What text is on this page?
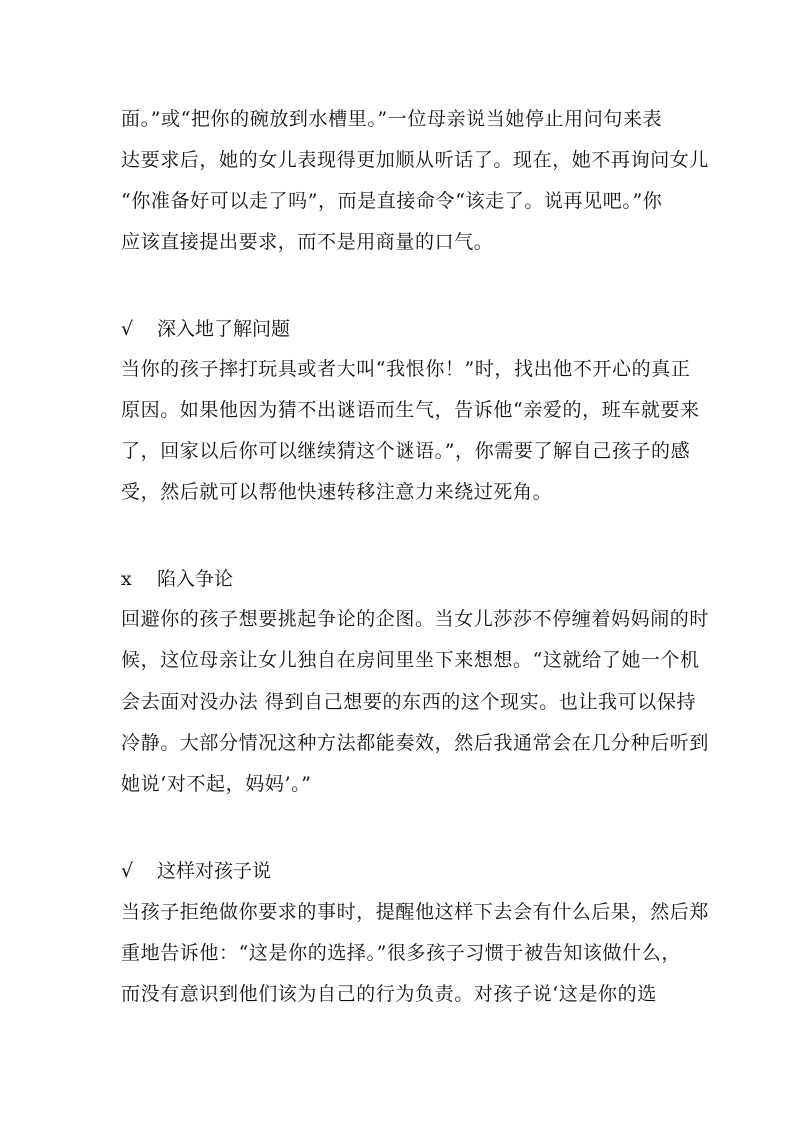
面。”或“把你的碗放到水槽里。”一位母亲说当她停止用问句来表
达要求后，她的女儿表现得更加顺从听话了。现在，她不再询问女儿
“你准备好可以走了吗”，而是直接命令“该走了。说再见吧。”你
应该直接提出要求，而不是用商量的口气。
√ 深入地了解问题
当你的孩子摔打玩具或者大叫“我恨你！”时，找出他不开心的真正
原因。如果他因为猜不出谜语而生气，告诉他“亲爱的，班车就要来
了，回家以后你可以继续猜这个谜语。”，你需要了解自己孩子的感
受，然后就可以帮他快速转移注意力来绕过死角。
x 陷入争论
回避你的孩子想要挑起争论的企图。当女儿莎莎不停缠着妈妈闹的时
候，这位母亲让女儿独自在房间里坐下来想想。“这就给了她一个机
会去面对没办法 得到自己想要的东西的这个现实。也让我可以保持
冷静。大部分情况这种方法都能奏效，然后我通常会在几分种后听到
她说‘对不起，妈妈’。”
√ 这样对孩子说
当孩子拒绝做你要求的事时，提醒他这样下去会有什么后果，然后郑
重地告诉他：“这是你的选择。”很多孩子习惯于被告知该做什么，
而没有意识到他们该为自己的行为负责。对孩子说‘这是你的选
